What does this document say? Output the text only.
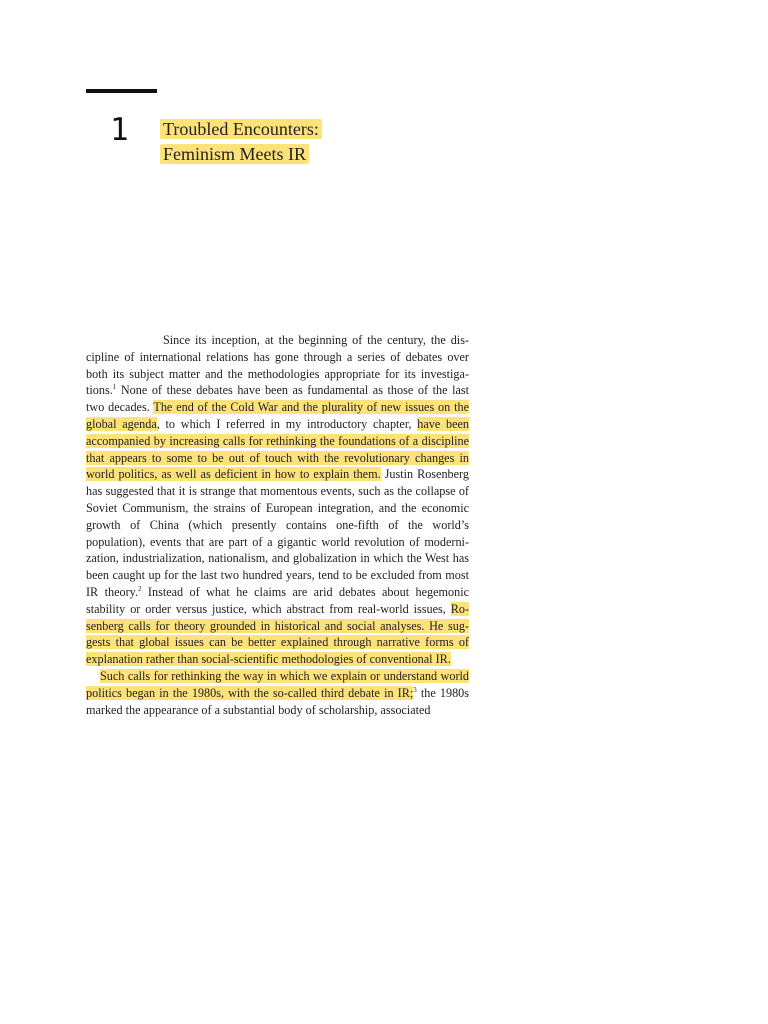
1 Troubled Encounters:
Feminism Meets IR

Since its inception, at the beginning of the century, the discipline of international relations has gone through a series of debates over both its subject matter and the methodologies appropriate for its investigations.$^1$ None of these debates have been as fundamental as those of the last two decades. The end of the Cold War and the plurality of new issues on the global agenda, to which I referred in my introductory chapter, have been accompanied by increasing calls for rethinking the foundations of a discipline that appears to some to be out of touch with the revolutionary changes in world politics, as well as deficient in how to explain them. Justin Rosenberg has suggested that it is strange that momentous events, such as the collapse of Soviet Communism, the strains of European integration, and the economic growth of China (which presently contains one-fifth of the world’s population), events that are part of a gigantic world revolution of modernization, industrialization, nationalism, and globalization in which the West has been caught up for the last two hundred years, tend to be excluded from most IR theory.$^2$ Instead of what he claims are arid debates about hegemonic stability or order versus justice, which abstract from real-world issues, Rosenberg calls for theory grounded in historical and social analyses. He suggests that global issues can be better explained through narrative forms of explanation rather than social-scientific methodologies of conventional IR.

Such calls for rethinking the way in which we explain or understand world politics began in the 1980s, with the so-called third debate in IR;$^3$ the 1980s marked the appearance of a substantial body of scholarship, associated
